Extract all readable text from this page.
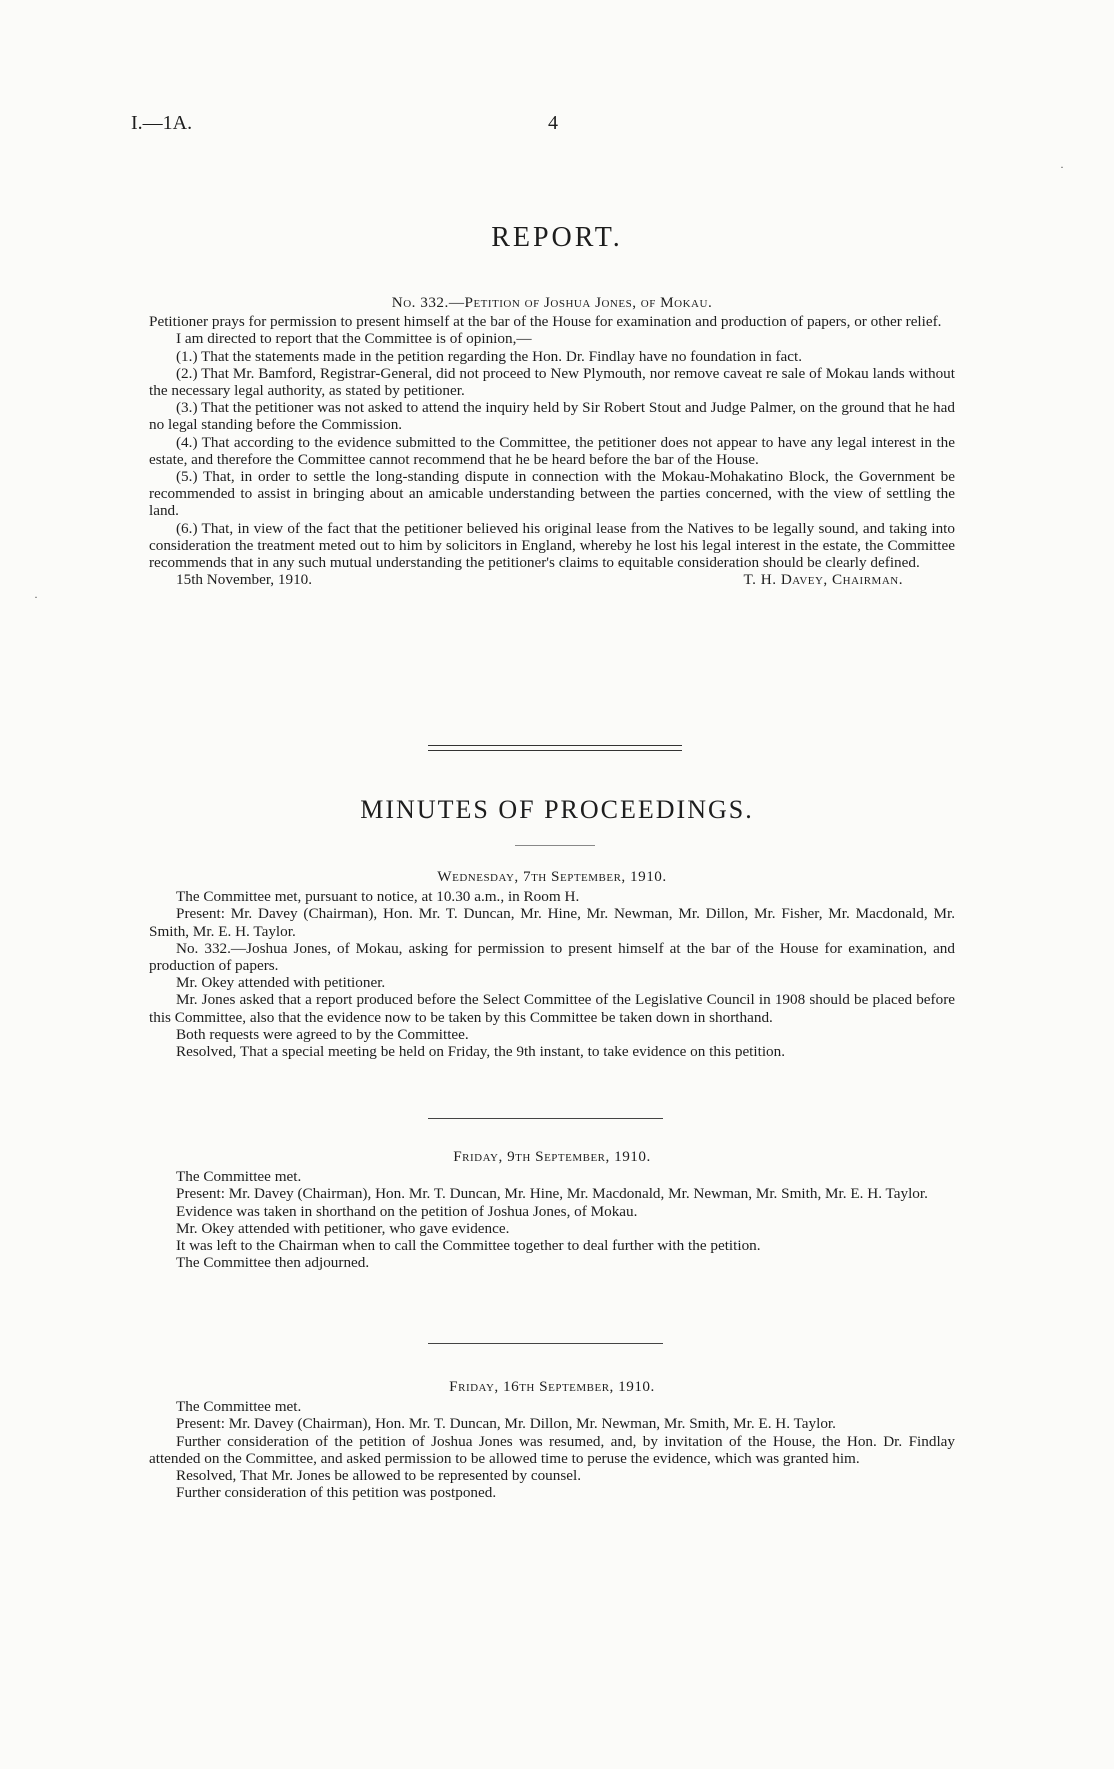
I.—1A.	4
REPORT.

No. 332.—Petition of Joshua Jones, of Mokau.

Petitioner prays for permission to present himself at the bar of the House for examination and production of papers, or other relief.

I am directed to report that the Committee is of opinion,—

(1.) That the statements made in the petition regarding the Hon. Dr. Findlay have no foundation in fact.

(2.) That Mr. Bamford, Registrar-General, did not proceed to New Plymouth, nor remove caveat re sale of Mokau lands without the necessary legal authority, as stated by petitioner.

(3.) That the petitioner was not asked to attend the inquiry held by Sir Robert Stout and Judge Palmer, on the ground that he had no legal standing before the Commission.

(4.) That according to the evidence submitted to the Committee, the petitioner does not appear to have any legal interest in the estate, and therefore the Committee cannot recommend that he be heard before the bar of the House.

(5.) That, in order to settle the long-standing dispute in connection with the Mokau-Mohakatino Block, the Government be recommended to assist in bringing about an amicable understanding between the parties concerned, with the view of settling the land.

(6.) That, in view of the fact that the petitioner believed his original lease from the Natives to be legally sound, and taking into consideration the treatment meted out to him by solicitors in England, whereby he lost his legal interest in the estate, the Committee recommends that in any such mutual understanding the petitioner's claims to equitable consideration should be clearly defined.

15th November, 1910.	T. H. Davey, Chairman.
MINUTES OF PROCEEDINGS.

Wednesday, 7th September, 1910.

The Committee met, pursuant to notice, at 10.30 a.m., in Room H.

Present: Mr. Davey (Chairman), Hon. Mr. T. Duncan, Mr. Hine, Mr. Newman, Mr. Dillon, Mr. Fisher, Mr. Macdonald, Mr. Smith, Mr. E. H. Taylor.

No. 332.—Joshua Jones, of Mokau, asking for permission to present himself at the bar of the House for examination, and production of papers.

Mr. Okey attended with petitioner.

Mr. Jones asked that a report produced before the Select Committee of the Legislative Council in 1908 should be placed before this Committee, also that the evidence now to be taken by this Committee be taken down in shorthand.

Both requests were agreed to by the Committee.

Resolved, That a special meeting be held on Friday, the 9th instant, to take evidence on this petition.

Friday, 9th September, 1910.

The Committee met.

Present: Mr. Davey (Chairman), Hon. Mr. T. Duncan, Mr. Hine, Mr. Macdonald, Mr. Newman, Mr. Smith, Mr. E. H. Taylor.

Evidence was taken in shorthand on the petition of Joshua Jones, of Mokau.

Mr. Okey attended with petitioner, who gave evidence.

It was left to the Chairman when to call the Committee together to deal further with the petition.

The Committee then adjourned.

Friday, 16th September, 1910.

The Committee met.

Present: Mr. Davey (Chairman), Hon. Mr. T. Duncan, Mr. Dillon, Mr. Newman, Mr. Smith, Mr. E. H. Taylor.

Further consideration of the petition of Joshua Jones was resumed, and, by invitation of the House, the Hon. Dr. Findlay attended on the Committee, and asked permission to be allowed time to peruse the evidence, which was granted him.

Resolved, That Mr. Jones be allowed to be represented by counsel.

Further consideration of this petition was postponed.

·
·
